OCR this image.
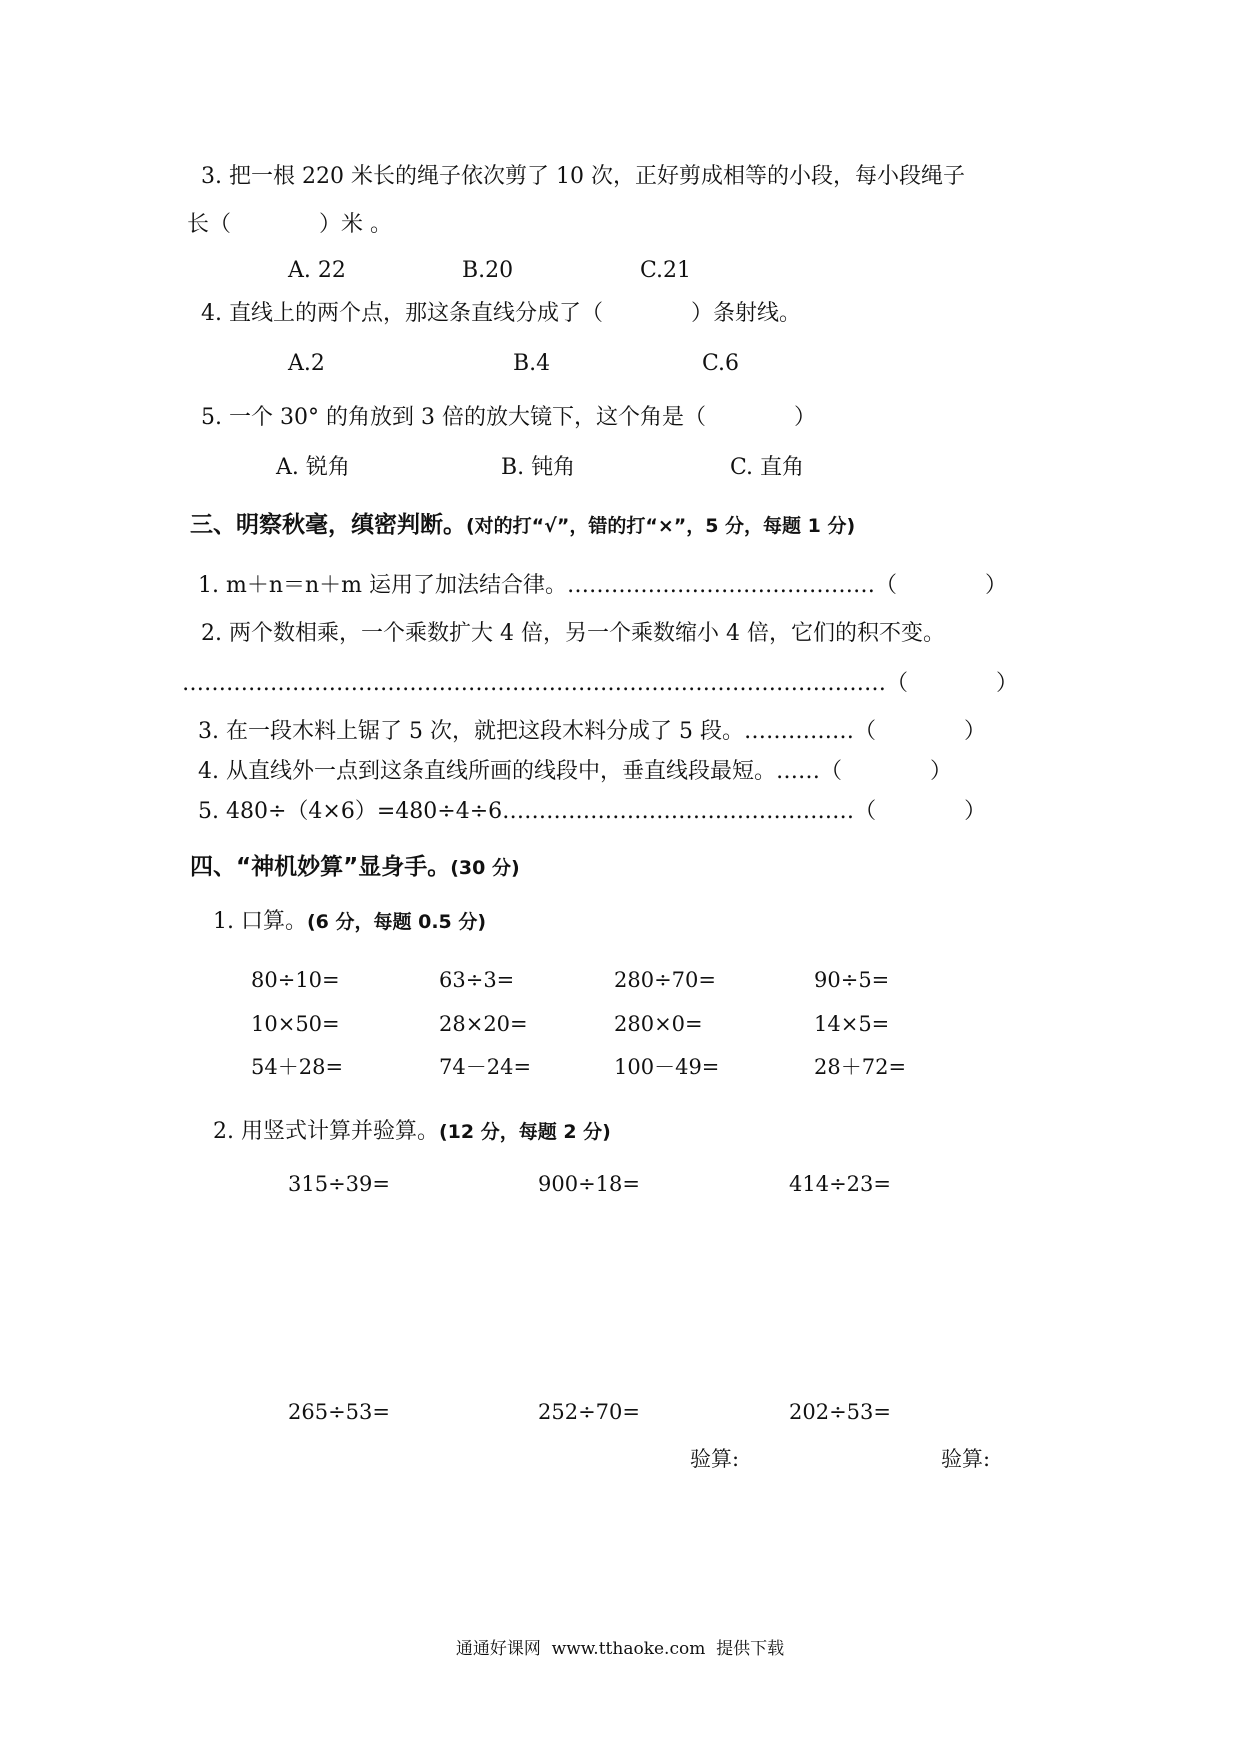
3. 把一根 220 米长的绳子依次剪了 10 次，正好剪成相等的小段，每小段绳子
长（　　　　）米 。
A. 22	B.20	C.21
4. 直线上的两个点，那这条直线分成了（　　　　）条射线。
A.2	B.4	C.6
5. 一个 30° 的角放到 3 倍的放大镜下，这个角是（　　　　）
A. 锐角	B. 钝角	C. 直角
三、明察秋毫，缜密判断。(对的打“√”，错的打“×”，5 分，每题 1 分)
1. m＋n＝n＋m 运用了加法结合律。……………………………………（　　　　）
2. 两个数相乘，一个乘数扩大 4 倍，另一个乘数缩小 4 倍，它们的积不变。
……………………………………………………………………………………（　　　　）
3. 在一段木料上锯了 5 次，就把这段木料分成了 5 段。……………（　　　　）
4. 从直线外一点到这条直线所画的线段中，垂直线段最短。……（　　　　）
5. 480÷（4×6）=480÷4÷6…………………………………………（　　　　）
四、“神机妙算”显身手。(30 分)
1. 口算。(6 分，每题 0.5 分)
80÷10=	63÷3=	280÷70=	90÷5=
10×50=	28×20=	280×0=	14×5=
54＋28=	74－24=	100－49=	28＋72=
2. 用竖式计算并验算。(12 分，每题 2 分)
315÷39=	900÷18=	414÷23=
265÷53=	252÷70=	202÷53=
验算:	验算:
通通好课网  www.tthaoke.com  提供下载
